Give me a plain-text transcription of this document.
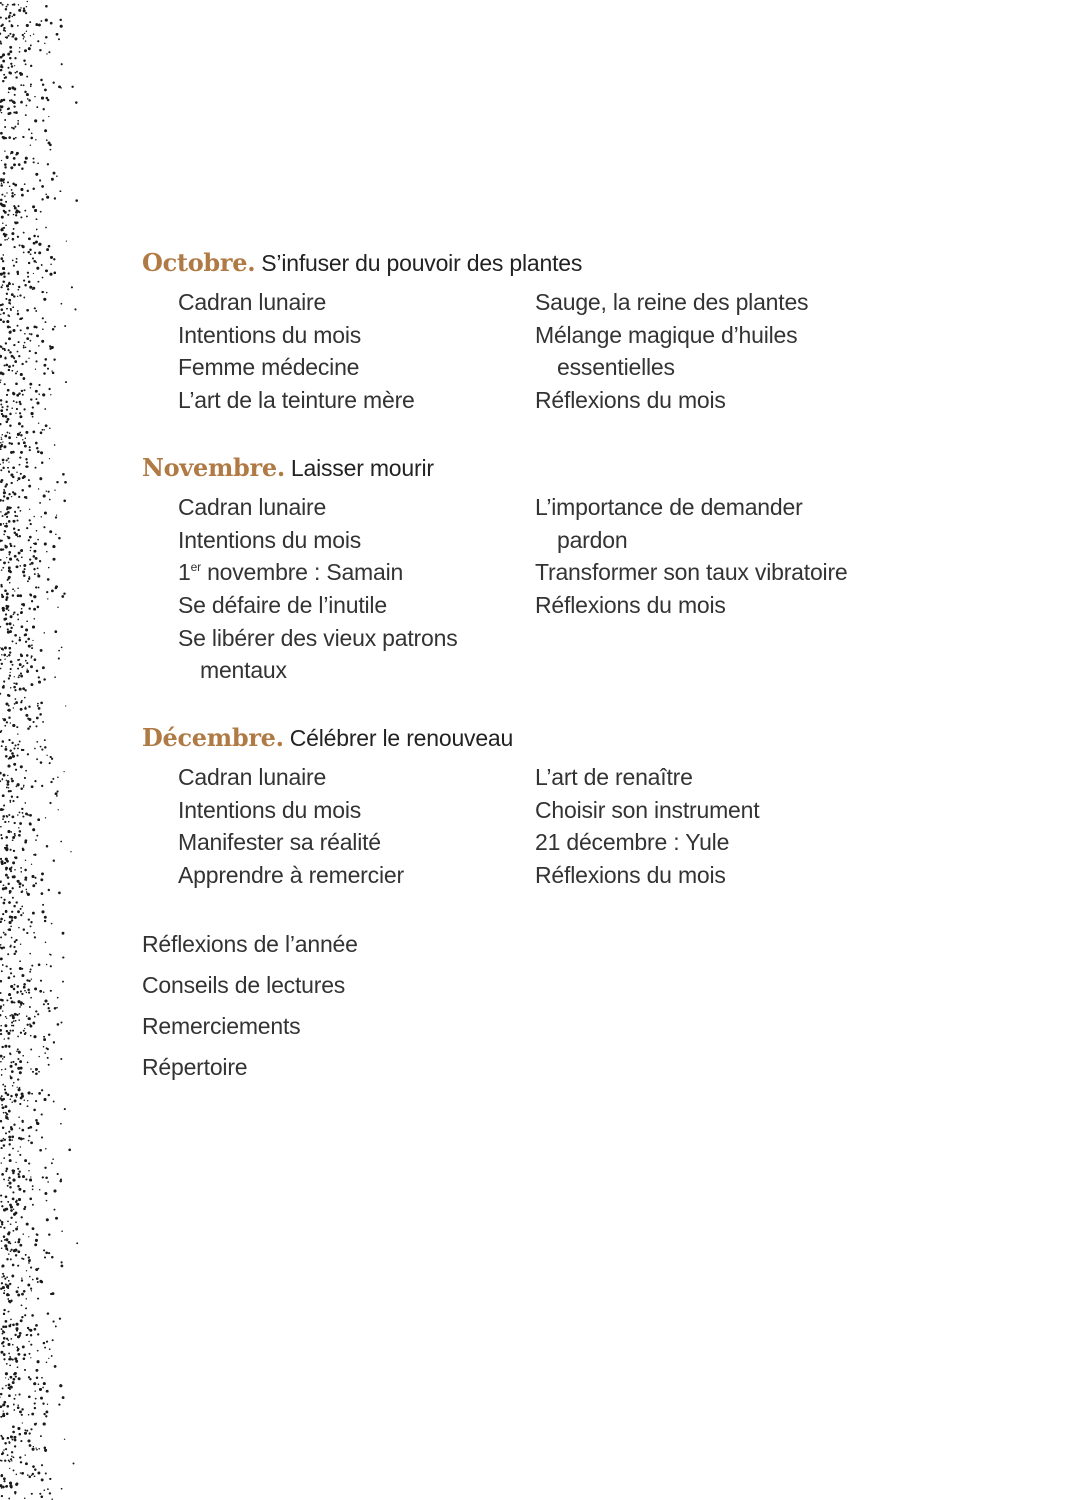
Octobre. S’infuser du pouvoir des plantes
Cadran lunaire
Intentions du mois
Femme médecine
L’art de la teinture mère
Sauge, la reine des plantes
Mélange magique d’huiles
essentielles
Réflexions du mois
Novembre. Laisser mourir
Cadran lunaire
Intentions du mois
1er novembre : Samain
Se défaire de l’inutile
Se libérer des vieux patrons
mentaux
L’importance de demander
pardon
Transformer son taux vibratoire
Réflexions du mois
Décembre. Célébrer le renouveau
Cadran lunaire
Intentions du mois
Manifester sa réalité
Apprendre à remercier
L’art de renaître
Choisir son instrument
21 décembre : Yule
Réflexions du mois
Réflexions de l’année
Conseils de lectures
Remerciements
Répertoire
